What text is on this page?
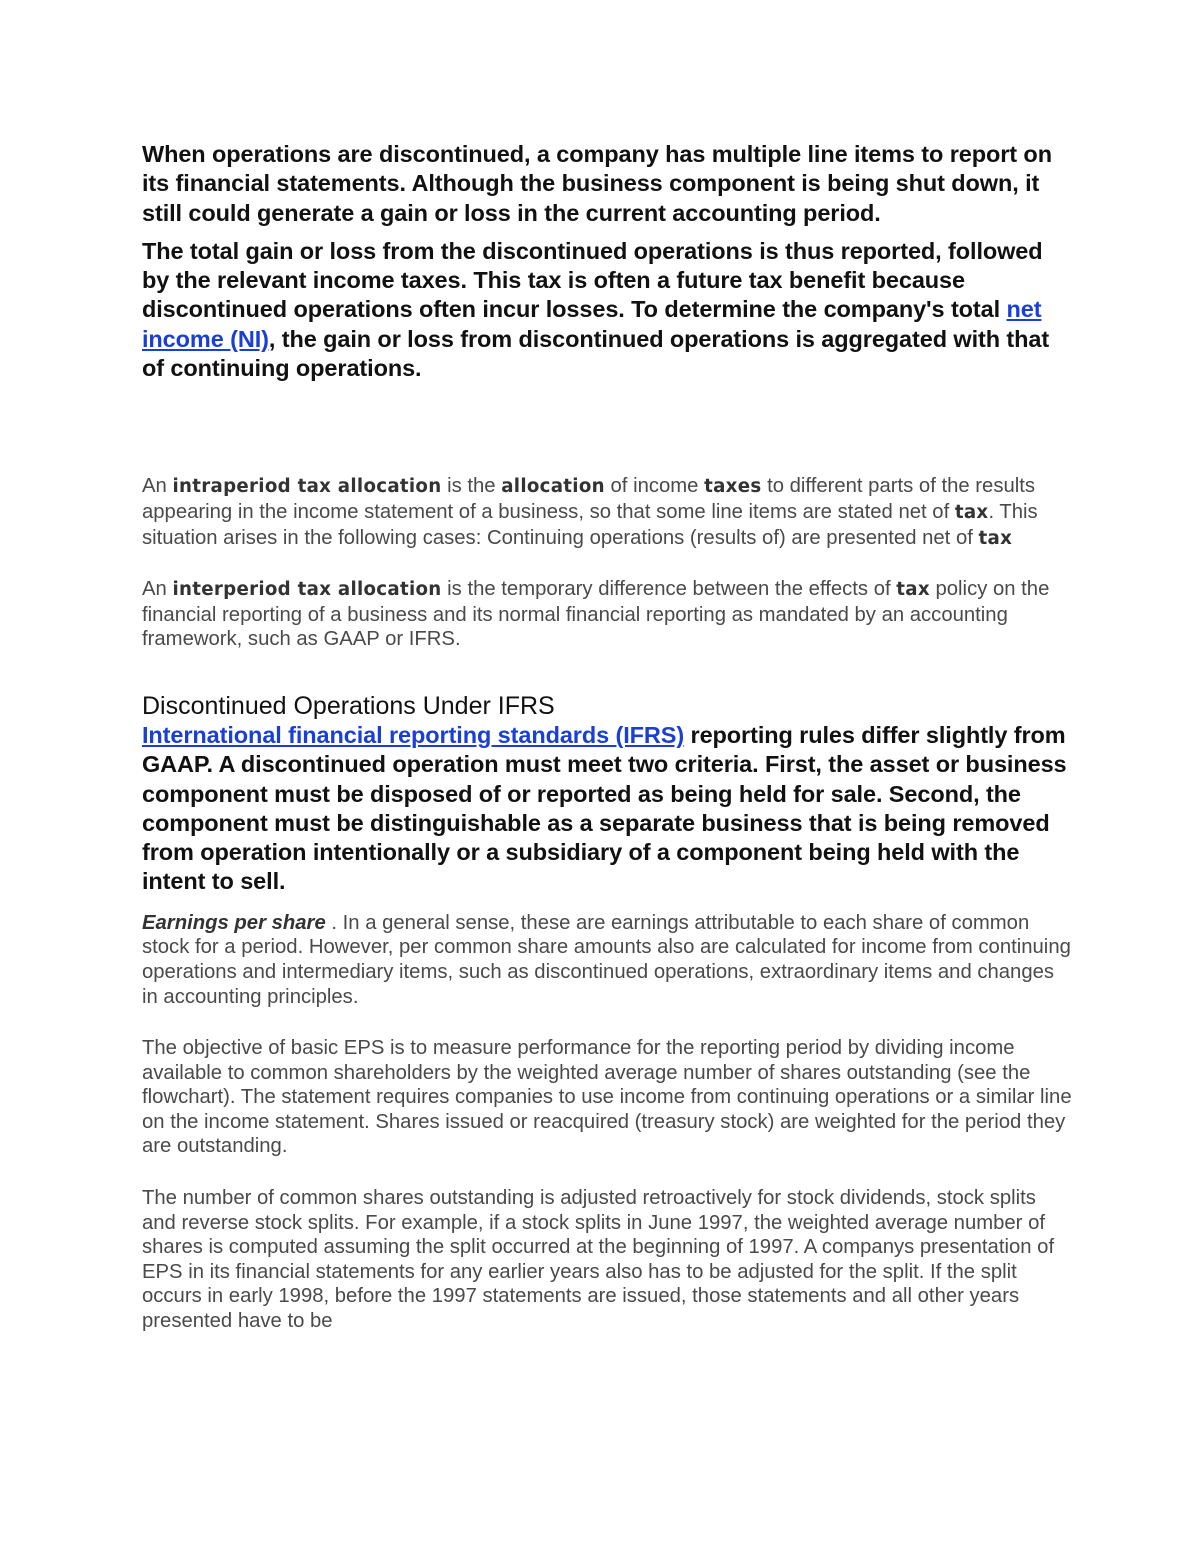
When operations are discontinued, a company has multiple line items to report on its financial statements. Although the business component is being shut down, it still could generate a gain or loss in the current accounting period.

The total gain or loss from the discontinued operations is thus reported, followed by the relevant income taxes. This tax is often a future tax benefit because discontinued operations often incur losses. To determine the company's total net income (NI), the gain or loss from discontinued operations is aggregated with that of continuing operations.

An intraperiod tax allocation is the allocation of income taxes to different parts of the results appearing in the income statement of a business, so that some line items are stated net of tax. This situation arises in the following cases: Continuing operations (results of) are presented net of tax

An interperiod tax allocation is the temporary difference between the effects of tax policy on the financial reporting of a business and its normal financial reporting as mandated by an accounting framework, such as GAAP or IFRS.

Discontinued Operations Under IFRS

International financial reporting standards (IFRS) reporting rules differ slightly from GAAP. A discontinued operation must meet two criteria. First, the asset or business component must be disposed of or reported as being held for sale. Second, the component must be distinguishable as a separate business that is being removed from operation intentionally or a subsidiary of a component being held with the intent to sell.

Earnings per share . In a general sense, these are earnings attributable to each share of common stock for a period. However, per common share amounts also are calculated for income from continuing operations and intermediary items, such as discontinued operations, extraordinary items and changes in accounting principles.

The objective of basic EPS is to measure performance for the reporting period by dividing income available to common shareholders by the weighted average number of shares outstanding (see the flowchart). The statement requires companies to use income from continuing operations or a similar line on the income statement. Shares issued or reacquired (treasury stock) are weighted for the period they are outstanding.

The number of common shares outstanding is adjusted retroactively for stock dividends, stock splits and reverse stock splits. For example, if a stock splits in June 1997, the weighted average number of shares is computed assuming the split occurred at the beginning of 1997. A companys presentation of EPS in its financial statements for any earlier years also has to be adjusted for the split. If the split occurs in early 1998, before the 1997 statements are issued, those statements and all other years presented have to be
